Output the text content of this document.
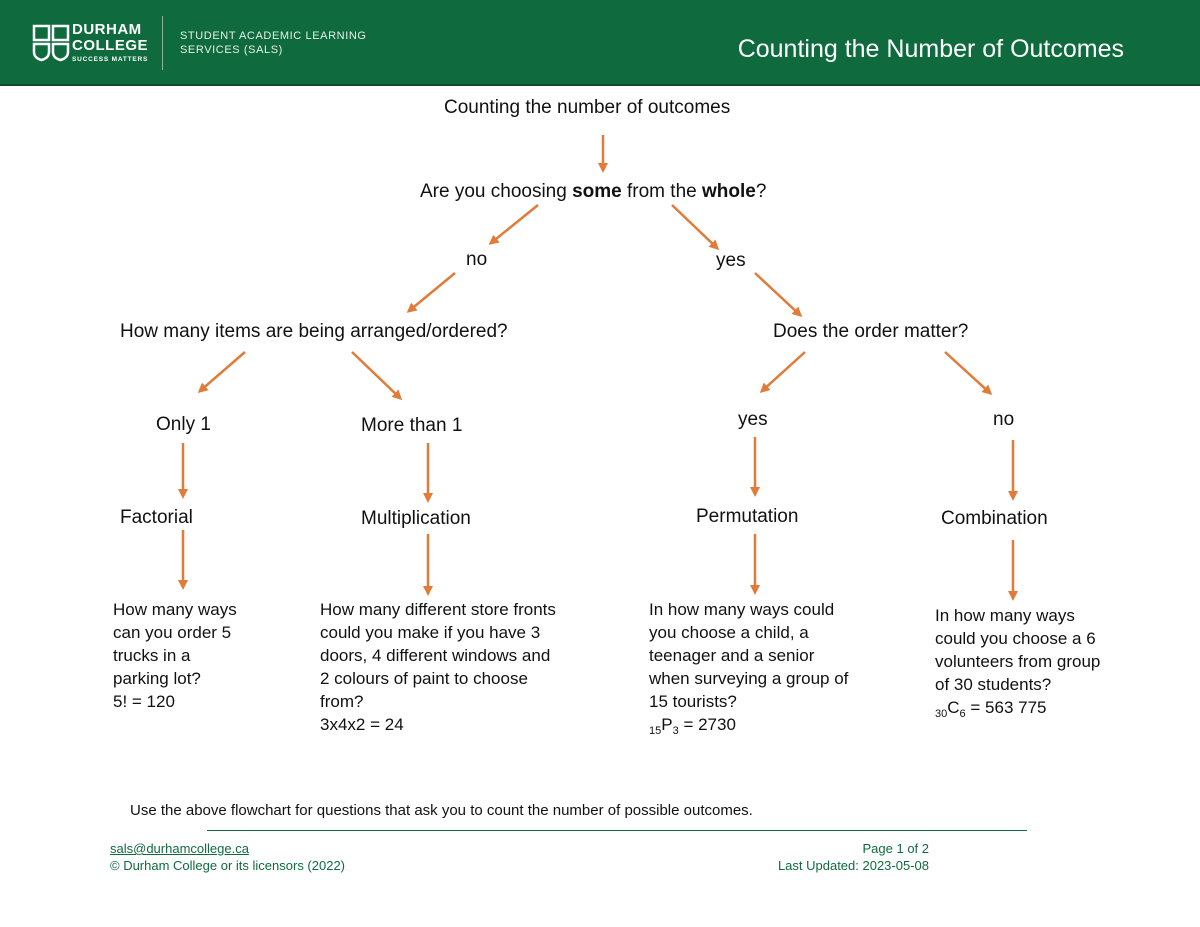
DURHAM
COLLEGE
SUCCESS MATTERS
STUDENT ACADEMIC LEARNING
SERVICES (SALS)	Counting the Number of Outcomes
Counting the number of outcomes
Are you choosing some from the whole?
no	yes
How many items are being arranged/ordered?	Does the order matter?
Only 1	More than 1	yes	no
Factorial	Multiplication	Permutation	Combination
How many ways
can you order 5
trucks in a
parking lot?
5! = 120
How many different store fronts
could you make if you have 3
doors, 4 different windows and
2 colours of paint to choose
from?
3x4x2 = 24
In how many ways could
you choose a child, a
teenager and a senior
when surveying a group of
15 tourists?
$_{15}P_3 = 2730$
In how many ways
could you choose a 6
volunteers from group
of 30 students?
$_{30}C_6 = 563$ 775
Use the above flowchart for questions that ask you to count the number of possible outcomes.
sals@durhamcollege.ca
© Durham College or its licensors (2022)
Page 1 of 2
Last Updated: 2023-05-08
